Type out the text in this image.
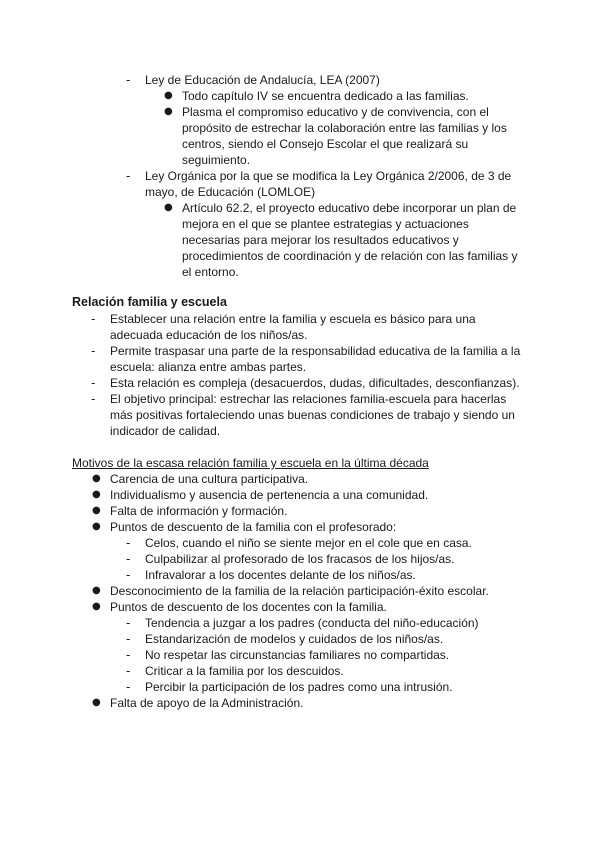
- Ley de Educación de Andalucía, LEA (2007)
● Todo capítulo IV se encuentra dedicado a las familias.
● Plasma el compromiso educativo y de convivencia, con el propósito de estrechar la colaboración entre las familias y los centros, siendo el Consejo Escolar el que realizará su seguimiento.
- Ley Orgánica por la que se modifica la Ley Orgánica 2/2006, de 3 de mayo, de Educación (LOMLOE)
● Artículo 62.2, el proyecto educativo debe incorporar un plan de mejora en el que se plantee estrategias y actuaciones necesarias para mejorar los resultados educativos y procedimientos de coordinación y de relación con las familias y el entorno.

Relación familia y escuela

- Establecer una relación entre la familia y escuela es básico para una adecuada educación de los niños/as.
- Permite traspasar una parte de la responsabilidad educativa de la familia a la escuela: alianza entre ambas partes.
- Esta relación es compleja (desacuerdos, dudas, dificultades, desconfianzas).
- El objetivo principal: estrechar las relaciones familia-escuela para hacerlas más positivas fortaleciendo unas buenas condiciones de trabajo y siendo un indicador de calidad.

Motivos de la escasa relación familia y escuela en la última década

● Carencia de una cultura participativa.
● Individualismo y ausencia de pertenencia a una comunidad.
● Falta de información y formación.
● Puntos de descuento de la familia con el profesorado:
- Celos, cuando el niño se siente mejor en el cole que en casa.
- Culpabilizar al profesorado de los fracasos de los hijos/as.
- Infravalorar a los docentes delante de los niños/as.
● Desconocimiento de la familia de la relación participación-éxito escolar.
● Puntos de descuento de los docentes con la familia.
- Tendencia a juzgar a los padres (conducta del niño-educación)
- Estandarización de modelos y cuidados de los niños/as.
- No respetar las circunstancias familiares no compartidas.
- Criticar a la familia por los descuidos.
- Percibir la participación de los padres como una intrusión.
● Falta de apoyo de la Administración.
